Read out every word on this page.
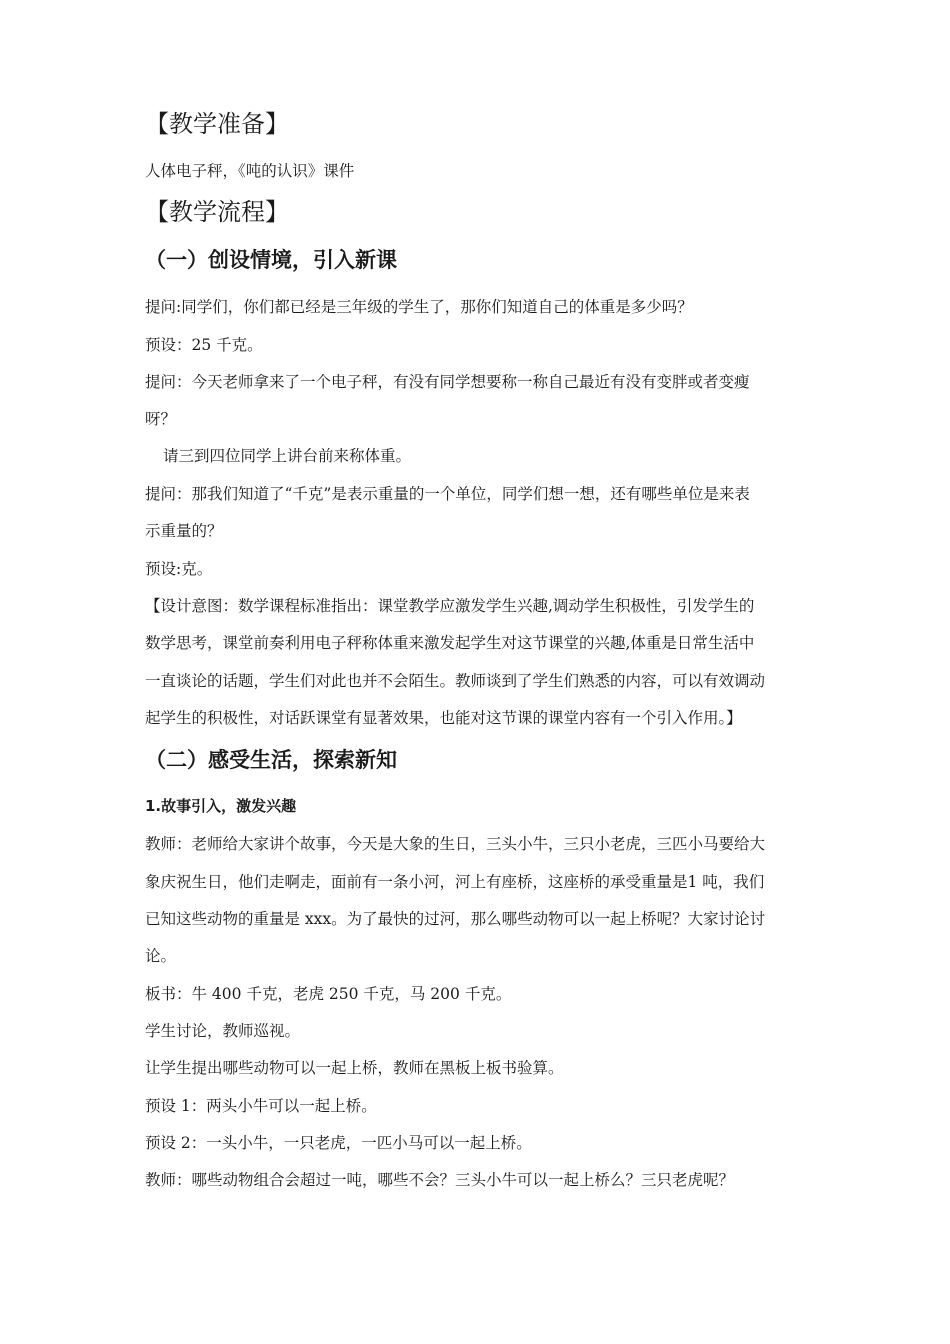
【教学准备】
人体电子秤，《吨的认识》课件
【教学流程】
（一）创设情境，引入新课
提问:同学们，你们都已经是三年级的学生了，那你们知道自己的体重是多少吗？
预设：25 千克。
提问：今天老师拿来了一个电子秤，有没有同学想要称一称自己最近有没有变胖或者变瘦
呀？
请三到四位同学上讲台前来称体重。
提问：那我们知道了“千克”是表示重量的一个单位，同学们想一想，还有哪些单位是来表
示重量的？
预设:克。
【设计意图：数学课程标准指出：课堂教学应激发学生兴趣,调动学生积极性，引发学生的
数学思考，课堂前奏利用电子秤称体重来激发起学生对这节课堂的兴趣,体重是日常生活中
一直谈论的话题，学生们对此也并不会陌生。教师谈到了学生们熟悉的内容，可以有效调动
起学生的积极性，对话跃课堂有显著效果，也能对这节课的课堂内容有一个引入作用。】
（二）感受生活，探索新知
1.故事引入，激发兴趣
教师：老师给大家讲个故事，今天是大象的生日，三头小牛，三只小老虎，三匹小马要给大
象庆祝生日，他们走啊走，面前有一条小河，河上有座桥，这座桥的承受重量是1 吨，我们
已知这些动物的重量是 xxx。为了最快的过河，那么哪些动物可以一起上桥呢？大家讨论讨
论。
板书：牛 400 千克，老虎 250 千克，马 200 千克。
学生讨论，教师巡视。
让学生提出哪些动物可以一起上桥，教师在黑板上板书验算。
预设 1：两头小牛可以一起上桥。
预设 2：一头小牛，一只老虎，一匹小马可以一起上桥。
教师：哪些动物组合会超过一吨，哪些不会？三头小牛可以一起上桥么？三只老虎呢？
